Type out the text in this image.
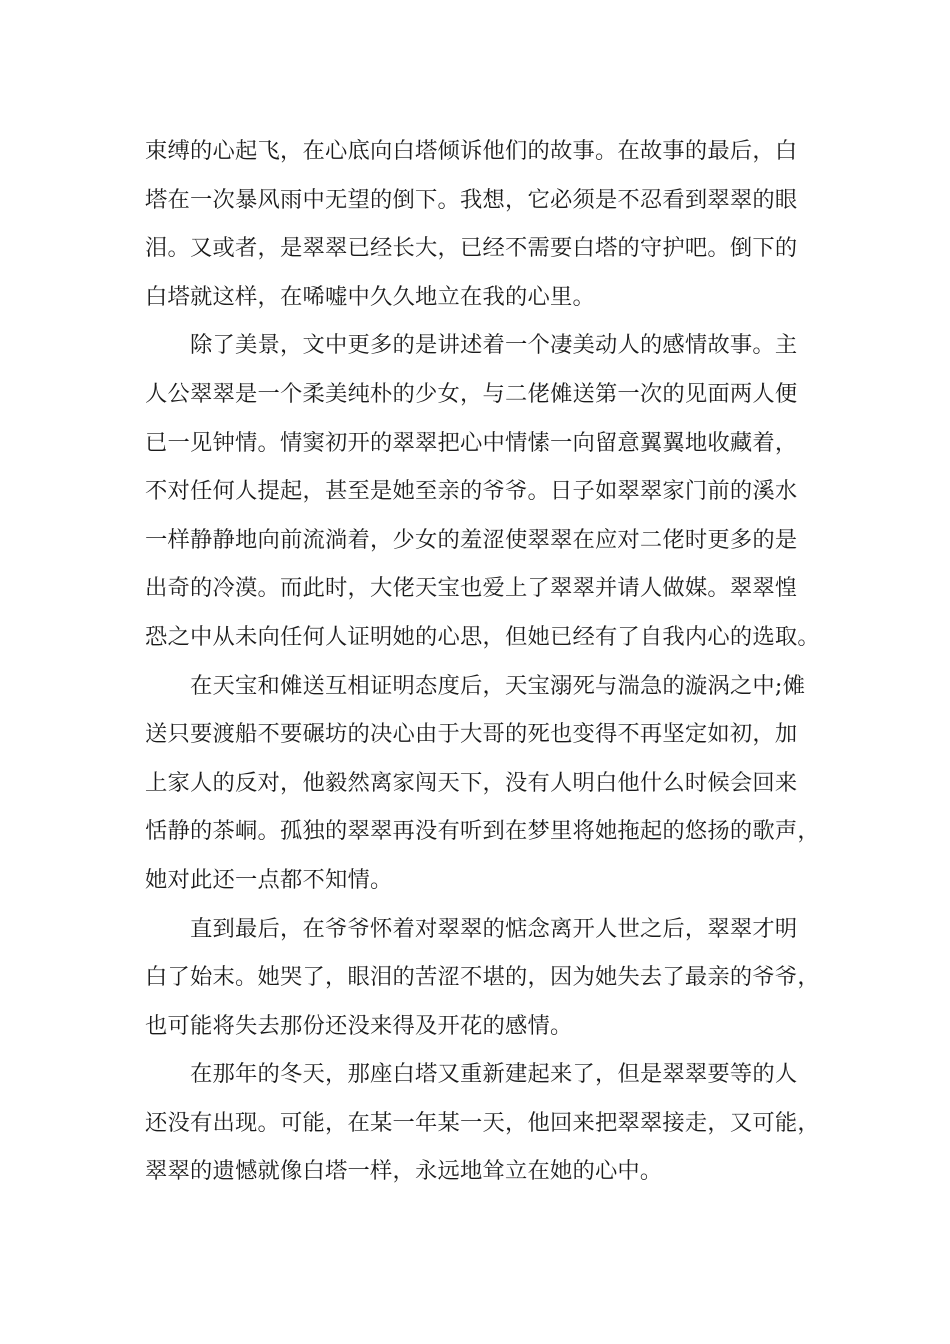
束缚的心起飞，在心底向白塔倾诉他们的故事。在故事的最后，白
塔在一次暴风雨中无望的倒下。我想，它必须是不忍看到翠翠的眼
泪。又或者，是翠翠已经长大，已经不需要白塔的守护吧。倒下的
白塔就这样，在唏嘘中久久地立在我的心里。
除了美景，文中更多的是讲述着一个凄美动人的感情故事。主
人公翠翠是一个柔美纯朴的少女，与二佬傩送第一次的见面两人便
已一见钟情。情窦初开的翠翠把心中情愫一向留意翼翼地收藏着，
不对任何人提起，甚至是她至亲的爷爷。日子如翠翠家门前的溪水
一样静静地向前流淌着，少女的羞涩使翠翠在应对二佬时更多的是
出奇的冷漠。而此时，大佬天宝也爱上了翠翠并请人做媒。翠翠惶
恐之中从未向任何人证明她的心思，但她已经有了自我内心的选取。
在天宝和傩送互相证明态度后，天宝溺死与湍急的漩涡之中;傩
送只要渡船不要碾坊的决心由于大哥的死也变得不再坚定如初，加
上家人的反对，他毅然离家闯天下，没有人明白他什么时候会回来
恬静的茶峒。孤独的翠翠再没有听到在梦里将她拖起的悠扬的歌声，
她对此还一点都不知情。
直到最后，在爷爷怀着对翠翠的惦念离开人世之后，翠翠才明
白了始末。她哭了，眼泪的苦涩不堪的，因为她失去了最亲的爷爷，
也可能将失去那份还没来得及开花的感情。
在那年的冬天，那座白塔又重新建起来了，但是翠翠要等的人
还没有出现。可能，在某一年某一天，他回来把翠翠接走，又可能，
翠翠的遗憾就像白塔一样，永远地耸立在她的心中。
